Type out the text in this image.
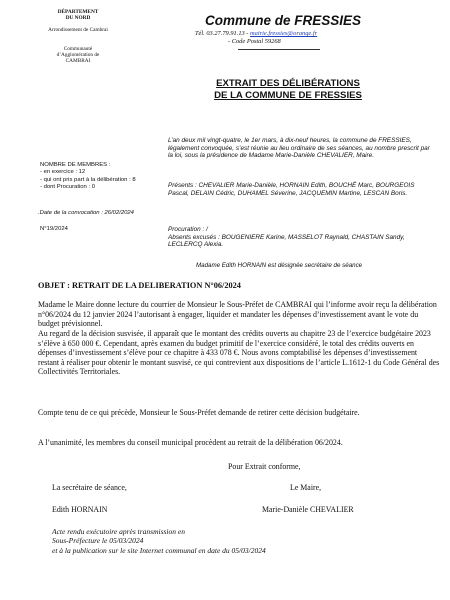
DÉPARTEMENT
DU NORD
Arrondissement de Cambrai
Communauté
d’Agglomération de
CAMBRAI
Commune de FRESSIES
Tél. 03.27.79.91.13 - mairie.fressies@orange.fr
- Code Postal 59268
EXTRAIT DES DÉLIBÉRATIONS
DE LA COMMUNE DE FRESSIES
L’an deux mil vingt-quatre, le 1er mars, à dix-neuf heures, la commune de FRESSIES, légalement convoquée, s’est réunie au lieu ordinaire de ses séances, au nombre prescrit par la loi, sous la présidence de Madame Marie-Danièle CHEVALIER, Maire.
NOMBRE DE MEMBRES :
- en exercice : 12
- qui ont pris part à la délibération : 8
- dont Procuration : 0
.Date de la convocation : 26/02/2024
N°19/2024
Présents : CHEVALIER Marie-Danièle, HORNAIN Edith, BOUCHÉ Marc, BOURGEOIS Pascal, DELAIN Cédric, DUHAMEL Séverine, JACQUEMIN Martine, LESCAN Boris.
Procuration : /
Absents excusés : BOUGENIERE Karine, MASSELOT Raynald, CHASTAIN Sandy, LECLERCQ Alexia.
Madame Edith HORNAIN est désignée secrétaire de séance
OBJET : RETRAIT DE LA DELIBERATION N°06/2024
Madame le Maire donne lecture du courrier de Monsieur le Sous-Préfet de CAMBRAI qui l’informe avoir reçu la délibération n°06/2024 du 12 janvier 2024 l’autorisant à engager, liquider et mandater les dépenses d’investissement avant le vote du budget prévisionnel.
Au regard de la décision susvisée, il apparaît que le montant des crédits ouverts au chapitre 23 de l’exercice budgétaire 2023 s’élève à 650 000 €. Cependant, après examen du budget primitif de l’exercice considéré, le total des crédits ouverts en dépenses d’investissement s’élève pour ce chapitre à 433 078 €. Nous avons comptabilisé les dépenses d’investissement restant à réaliser pour obtenir le montant susvisé, ce qui contrevient aux dispositions de l’article L.1612-1 du Code Général des Collectivités Territoriales.
Compte tenu de ce qui précède, Monsieur le Sous-Préfet demande de retirer cette décision budgétaire.
A l’unanimité, les membres du conseil municipal procèdent au retrait de la délibération 06/2024.
Pour Extrait conforme,
La secrétaire de séance,	Le Maire,
Edith HORNAIN	Marie-Danièle CHEVALIER
Acte rendu exécutoire après transmission en
Sous-Préfecture le 05/03/2024
et à la publication sur le site Internet communal en date du 05/03/2024
